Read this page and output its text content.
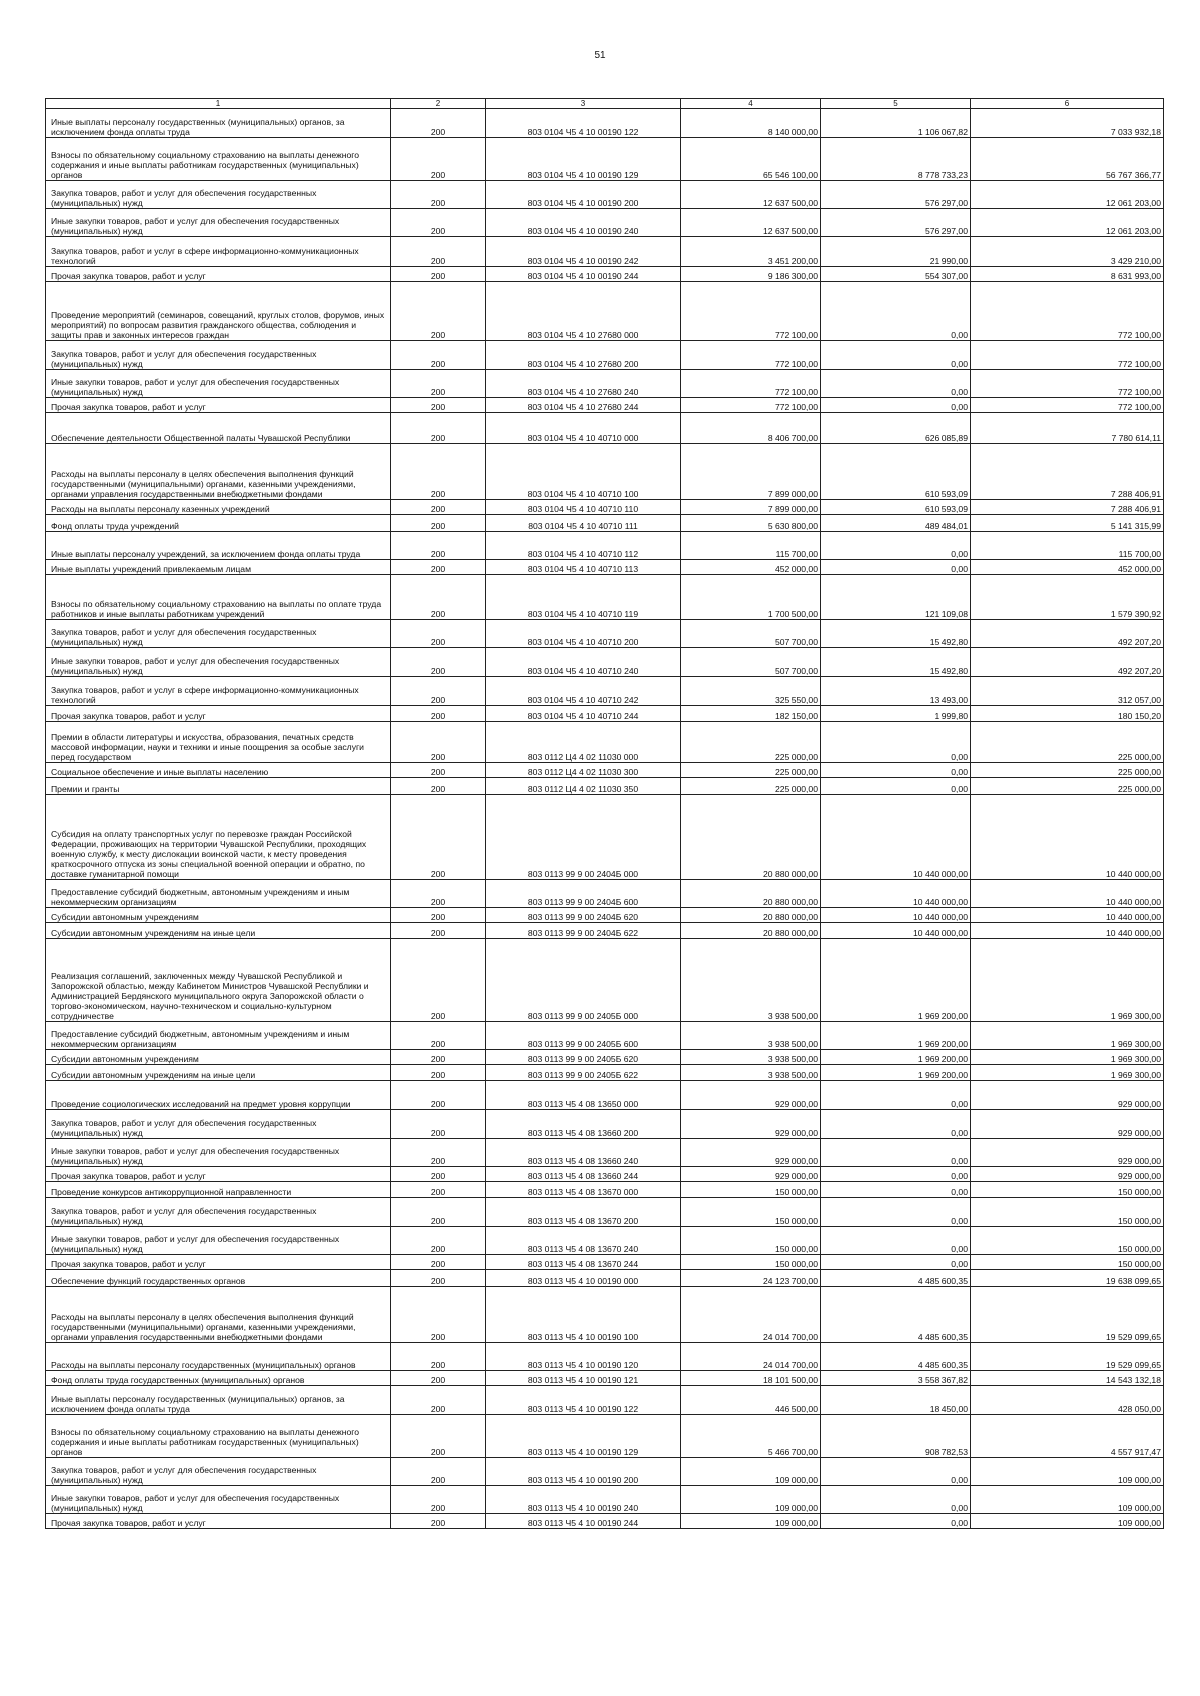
51
1	2	3	4	5	6
Иные выплаты персоналу государственных (муниципальных) органов, за исключением фонда оплаты труда	200	803 0104 Ч5 4 10 00190 122	8 140 000,00	1 106 067,82	7 033 932,18
Взносы по обязательному социальному страхованию на выплаты денежного содержания и иные выплаты работникам государственных (муниципальных) органов	200	803 0104 Ч5 4 10 00190 129	65 546 100,00	8 778 733,23	56 767 366,77
Закупка товаров, работ и услуг для обеспечения государственных (муниципальных) нужд	200	803 0104 Ч5 4 10 00190 200	12 637 500,00	576 297,00	12 061 203,00
Иные закупки товаров, работ и услуг для обеспечения государственных (муниципальных) нужд	200	803 0104 Ч5 4 10 00190 240	12 637 500,00	576 297,00	12 061 203,00
Закупка товаров, работ и услуг в сфере информационно-коммуникационных технологий	200	803 0104 Ч5 4 10 00190 242	3 451 200,00	21 990,00	3 429 210,00
Прочая закупка товаров, работ и услуг	200	803 0104 Ч5 4 10 00190 244	9 186 300,00	554 307,00	8 631 993,00
Проведение мероприятий (семинаров, совещаний, круглых столов, форумов, иных мероприятий) по вопросам развития гражданского общества, соблюдения и защиты прав и законных интересов граждан	200	803 0104 Ч5 4 10 27680 000	772 100,00	0,00	772 100,00
Закупка товаров, работ и услуг для обеспечения государственных (муниципальных) нужд	200	803 0104 Ч5 4 10 27680 200	772 100,00	0,00	772 100,00
Иные закупки товаров, работ и услуг для обеспечения государственных (муниципальных) нужд	200	803 0104 Ч5 4 10 27680 240	772 100,00	0,00	772 100,00
Прочая закупка товаров, работ и услуг	200	803 0104 Ч5 4 10 27680 244	772 100,00	0,00	772 100,00
Обеспечение деятельности Общественной палаты Чувашской Республики	200	803 0104 Ч5 4 10 40710 000	8 406 700,00	626 085,89	7 780 614,11
Расходы на выплаты персоналу в целях обеспечения выполнения функций государственными (муниципальными) органами, казенными учреждениями, органами управления государственными внебюджетными фондами	200	803 0104 Ч5 4 10 40710 100	7 899 000,00	610 593,09	7 288 406,91
Расходы на выплаты персоналу казенных учреждений	200	803 0104 Ч5 4 10 40710 110	7 899 000,00	610 593,09	7 288 406,91
Фонд оплаты труда учреждений	200	803 0104 Ч5 4 10 40710 111	5 630 800,00	489 484,01	5 141 315,99
Иные выплаты персоналу учреждений, за исключением фонда оплаты труда	200	803 0104 Ч5 4 10 40710 112	115 700,00	0,00	115 700,00
Иные выплаты учреждений привлекаемым лицам	200	803 0104 Ч5 4 10 40710 113	452 000,00	0,00	452 000,00
Взносы по обязательному социальному страхованию на выплаты по оплате труда работников и иные выплаты работникам учреждений	200	803 0104 Ч5 4 10 40710 119	1 700 500,00	121 109,08	1 579 390,92
Закупка товаров, работ и услуг для обеспечения государственных (муниципальных) нужд	200	803 0104 Ч5 4 10 40710 200	507 700,00	15 492,80	492 207,20
Иные закупки товаров, работ и услуг для обеспечения государственных (муниципальных) нужд	200	803 0104 Ч5 4 10 40710 240	507 700,00	15 492,80	492 207,20
Закупка товаров, работ и услуг в сфере информационно-коммуникационных технологий	200	803 0104 Ч5 4 10 40710 242	325 550,00	13 493,00	312 057,00
Прочая закупка товаров, работ и услуг	200	803 0104 Ч5 4 10 40710 244	182 150,00	1 999,80	180 150,20
Премии в области литературы и искусства, образования, печатных средств массовой информации, науки и техники и иные поощрения за особые заслуги перед государством	200	803 0112 Ц4 4 02 11030 000	225 000,00	0,00	225 000,00
Социальное обеспечение и иные выплаты населению	200	803 0112 Ц4 4 02 11030 300	225 000,00	0,00	225 000,00
Премии и гранты	200	803 0112 Ц4 4 02 11030 350	225 000,00	0,00	225 000,00
Субсидия на оплату транспортных услуг по перевозке граждан Российской Федерации, проживающих на территории Чувашской Республики, проходящих военную службу, к месту дислокации воинской части, к месту проведения краткосрочного отпуска из зоны специальной военной операции и обратно, по доставке гуманитарной помощи	200	803 0113 99 9 00 2404Б 000	20 880 000,00	10 440 000,00	10 440 000,00
Предоставление субсидий бюджетным, автономным учреждениям и иным некоммерческим организациям	200	803 0113 99 9 00 2404Б 600	20 880 000,00	10 440 000,00	10 440 000,00
Субсидии автономным учреждениям	200	803 0113 99 9 00 2404Б 620	20 880 000,00	10 440 000,00	10 440 000,00
Субсидии автономным учреждениям на иные цели	200	803 0113 99 9 00 2404Б 622	20 880 000,00	10 440 000,00	10 440 000,00
Реализация соглашений, заключенных между Чувашской Республикой и Запорожской областью, между Кабинетом Министров Чувашской Республики и Администрацией Бердянского муниципального округа Запорожской области о торгово-экономическом, научно-техническом и социально-культурном сотрудничестве	200	803 0113 99 9 00 2405Б 000	3 938 500,00	1 969 200,00	1 969 300,00
Предоставление субсидий бюджетным, автономным учреждениям и иным некоммерческим организациям	200	803 0113 99 9 00 2405Б 600	3 938 500,00	1 969 200,00	1 969 300,00
Субсидии автономным учреждениям	200	803 0113 99 9 00 2405Б 620	3 938 500,00	1 969 200,00	1 969 300,00
Субсидии автономным учреждениям на иные цели	200	803 0113 99 9 00 2405Б 622	3 938 500,00	1 969 200,00	1 969 300,00
Проведение социологических исследований на предмет уровня коррупции	200	803 0113 Ч5 4 08 13650 000	929 000,00	0,00	929 000,00
Закупка товаров, работ и услуг для обеспечения государственных (муниципальных) нужд	200	803 0113 Ч5 4 08 13660 200	929 000,00	0,00	929 000,00
Иные закупки товаров, работ и услуг для обеспечения государственных (муниципальных) нужд	200	803 0113 Ч5 4 08 13660 240	929 000,00	0,00	929 000,00
Прочая закупка товаров, работ и услуг	200	803 0113 Ч5 4 08 13660 244	929 000,00	0,00	929 000,00
Проведение конкурсов антикоррупционной направленности	200	803 0113 Ч5 4 08 13670 000	150 000,00	0,00	150 000,00
Закупка товаров, работ и услуг для обеспечения государственных (муниципальных) нужд	200	803 0113 Ч5 4 08 13670 200	150 000,00	0,00	150 000,00
Иные закупки товаров, работ и услуг для обеспечения государственных (муниципальных) нужд	200	803 0113 Ч5 4 08 13670 240	150 000,00	0,00	150 000,00
Прочая закупка товаров, работ и услуг	200	803 0113 Ч5 4 08 13670 244	150 000,00	0,00	150 000,00
Обеспечение функций государственных органов	200	803 0113 Ч5 4 10 00190 000	24 123 700,00	4 485 600,35	19 638 099,65
Расходы на выплаты персоналу в целях обеспечения выполнения функций государственными (муниципальными) органами, казенными учреждениями, органами управления государственными внебюджетными фондами	200	803 0113 Ч5 4 10 00190 100	24 014 700,00	4 485 600,35	19 529 099,65
Расходы на выплаты персоналу государственных (муниципальных) органов	200	803 0113 Ч5 4 10 00190 120	24 014 700,00	4 485 600,35	19 529 099,65
Фонд оплаты труда государственных (муниципальных) органов	200	803 0113 Ч5 4 10 00190 121	18 101 500,00	3 558 367,82	14 543 132,18
Иные выплаты персоналу государственных (муниципальных) органов, за исключением фонда оплаты труда	200	803 0113 Ч5 4 10 00190 122	446 500,00	18 450,00	428 050,00
Взносы по обязательному социальному страхованию на выплаты денежного содержания и иные выплаты работникам государственных (муниципальных) органов	200	803 0113 Ч5 4 10 00190 129	5 466 700,00	908 782,53	4 557 917,47
Закупка товаров, работ и услуг для обеспечения государственных (муниципальных) нужд	200	803 0113 Ч5 4 10 00190 200	109 000,00	0,00	109 000,00
Иные закупки товаров, работ и услуг для обеспечения государственных (муниципальных) нужд	200	803 0113 Ч5 4 10 00190 240	109 000,00	0,00	109 000,00
Прочая закупка товаров, работ и услуг	200	803 0113 Ч5 4 10 00190 244	109 000,00	0,00	109 000,00
